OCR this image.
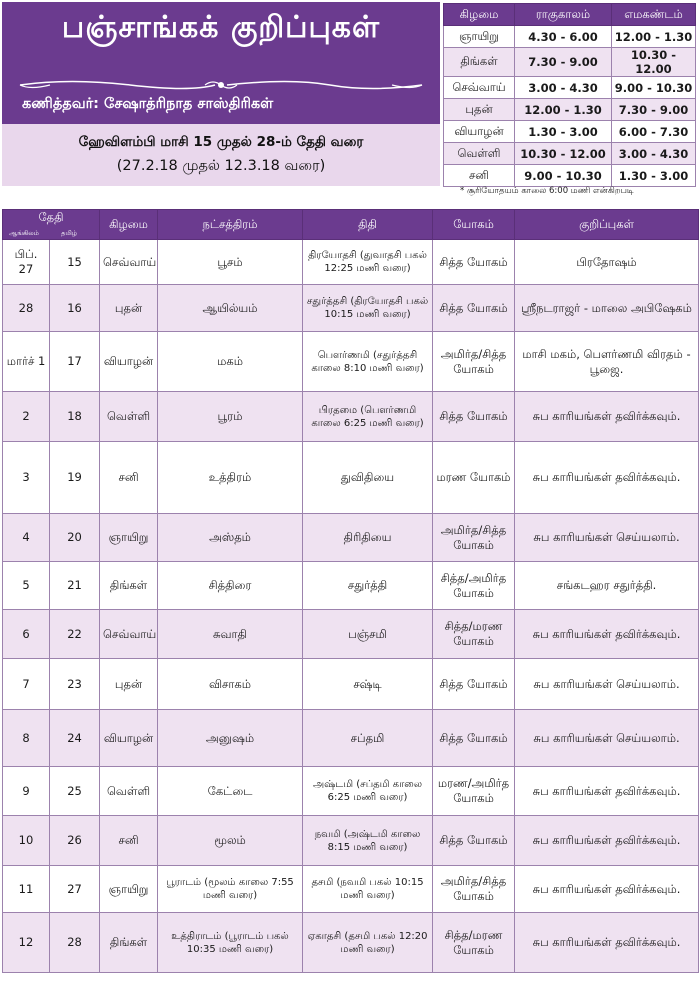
பஞ்சாங்கக் குறிப்புகள்
கணித்தவர்: சேஷாத்ரிநாத சாஸ்திரிகள்
ஹேவிளம்பி மாசி 15 முதல் 28-ம் தேதி வரை
(27.2.18 முதல் 12.3.18 வரை)
கிழமை	ராகுகாலம்	எமகண்டம்
ஞாயிறு	4.30 - 6.00	12.00 - 1.30
திங்கள்	7.30 - 9.00	10.30 - 12.00
செவ்வாய்	3.00 - 4.30	9.00 - 10.30
புதன்	12.00 - 1.30	7.30 - 9.00
வியாழன்	1.30 - 3.00	6.00 - 7.30
வெள்ளி	10.30 - 12.00	3.00 - 4.30
சனி	9.00 - 10.30	1.30 - 3.00
* சூரியோதயம் காலை 6:00 மணி என்கிறபடி
தேதி
ஆங்கிலம் தமிழ்		கிழமை	நட்சத்திரம்	திதி	யோகம்	குறிப்புகள்
பிப். 27	15	செவ்வாய்	பூசம்	திரயோதசி (துவாதசி பகல் 12:25 மணி வரை)	சித்த யோகம்	பிரதோஷம்
28	16	புதன்	ஆயில்யம்	சதுர்த்தசி (திரயோதசி பகல் 10:15 மணி வரை)	சித்த யோகம்	ஸ்ரீநடராஜர் - மாலை அபிஷேகம்
மார்ச் 1	17	வியாழன்	மகம்	பௌர்ணமி (சதுர்த்தசி காலை 8:10 மணி வரை)	அமிர்த/சித்த யோகம்	மாசி மகம், பௌர்ணமி விரதம் - பூஜை.
2	18	வெள்ளி	பூரம்	பிரதமை (பௌர்ணமி காலை 6:25 மணி வரை)	சித்த யோகம்	சுப காரியங்கள் தவிர்க்கவும்.
3	19	சனி	உத்திரம்	துவிதியை	மரண யோகம்	சுப காரியங்கள் தவிர்க்கவும்.
4	20	ஞாயிறு	அஸ்தம்	திரிதியை	அமிர்த/சித்த யோகம்	சுப காரியங்கள் செய்யலாம்.
5	21	திங்கள்	சித்திரை	சதுர்த்தி	சித்த/அமிர்த யோகம்	சங்கடஹர சதுர்த்தி.
6	22	செவ்வாய்	சுவாதி	பஞ்சமி	சித்த/மரண யோகம்	சுப காரியங்கள் தவிர்க்கவும்.
7	23	புதன்	விசாகம்	சஷ்டி	சித்த யோகம்	சுப காரியங்கள் செய்யலாம்.
8	24	வியாழன்	அனுஷம்	சப்தமி	சித்த யோகம்	சுப காரியங்கள் செய்யலாம்.
9	25	வெள்ளி	கேட்டை	அஷ்டமி (சப்தமி காலை 6:25 மணி வரை)	மரண/அமிர்த யோகம்	சுப காரியங்கள் தவிர்க்கவும்.
10	26	சனி	மூலம்	நவமி (அஷ்டமி காலை 8:15 மணி வரை)	சித்த யோகம்	சுப காரியங்கள் தவிர்க்கவும்.
11	27	ஞாயிறு	பூராடம் (மூலம் காலை 7:55 மணி வரை)	தசமி (நவமி பகல் 10:15 மணி வரை)	அமிர்த/சித்த யோகம்	சுப காரியங்கள் தவிர்க்கவும்.
12	28	திங்கள்	உத்திராடம் (பூராடம் பகல் 10:35 மணி வரை)	ஏகாதசி (தசமி பகல் 12:20 மணி வரை)	சித்த/மரண யோகம்	சுப காரியங்கள் தவிர்க்கவும்.
